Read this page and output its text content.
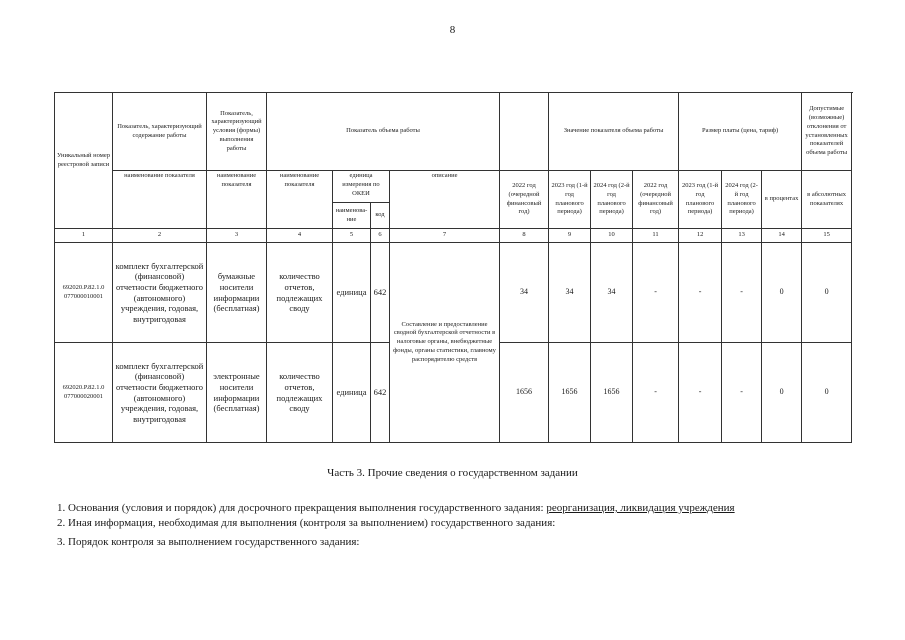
8
Уникальный номер реестровой записи	Показатель, характеризующий содержание работы	Показатель, характеризующий условия (формы) выполнения работы	Показатель объема работы					Значение показателя объема работы			Размер платы (цена, тариф)			Допустимые (возможные) отклонения от установленных показателей объема работы
	наименование показателя	наименование показателя	наименование показателя	единица измерения по ОКЕИ		описание	2022 год (очередной финансовый год)	2023 год (1-й год планового периода)	2024 год (2-й год планового периода)	2022 год (очередной финансовый год)	2023 год (1-й год планового периода)	2024 год (2-й год планового периода)	в процентах	в абсолютных показателях
				наименова-ние	код									
1	2	3	4	5	6	7	8	9	10	11	12	13	14	15
692020.Р.82.1.0 077000010001	комплект бухгалтерской (финансовой) отчетности бюджетного (автономного) учреждения, годовая, внутригодовая	бумажные носители информации (бесплатная)	количество отчетов, подлежащих своду	единица	642	Составление и предоставление сводной бухгалтерской отчетности в налоговые органы, внебюджетные фонды, органы статистики, главному распорядителю средств	34	34	34	-	-	-	0	0
692020.Р.82.1.0 077000020001	комплект бухгалтерской (финансовой) отчетности бюджетного (автономного) учреждения, годовая, внутригодовая	электронные носители информации (бесплатная)	количество отчетов, подлежащих своду	единица	642		1656	1656	1656	-	-	-	0	0
Часть 3. Прочие сведения о государственном задании
1. Основания (условия и порядок) для досрочного прекращения выполнения государственного задания: реорганизация, ликвидация учреждения
2. Иная информация, необходимая для выполнения (контроля за выполнением) государственного задания:
3. Порядок контроля за выполнением государственного задания:
